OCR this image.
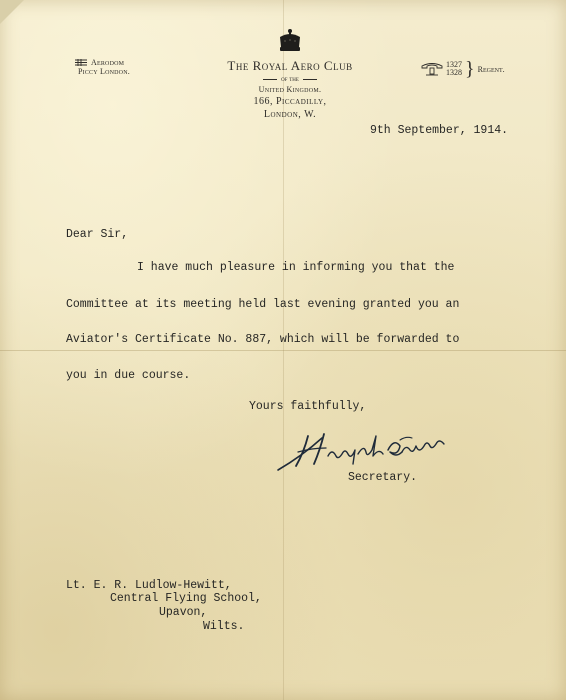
Aerodom
Piccy London.	The Royal Aero Club
of the
United Kingdom.
166, Piccadilly,
London, W.
1327
1328 } Regent.
9th September, 1914.
Dear Sir,
I have much pleasure in informing you that the
Committee at its meeting held last evening granted you an
Aviator's Certificate No. 887, which will be forwarded to
you in due course.
Yours faithfully,
Secretary.
Lt. E. R. Ludlow-Hewitt,
Central Flying School,
Upavon,
Wilts.
